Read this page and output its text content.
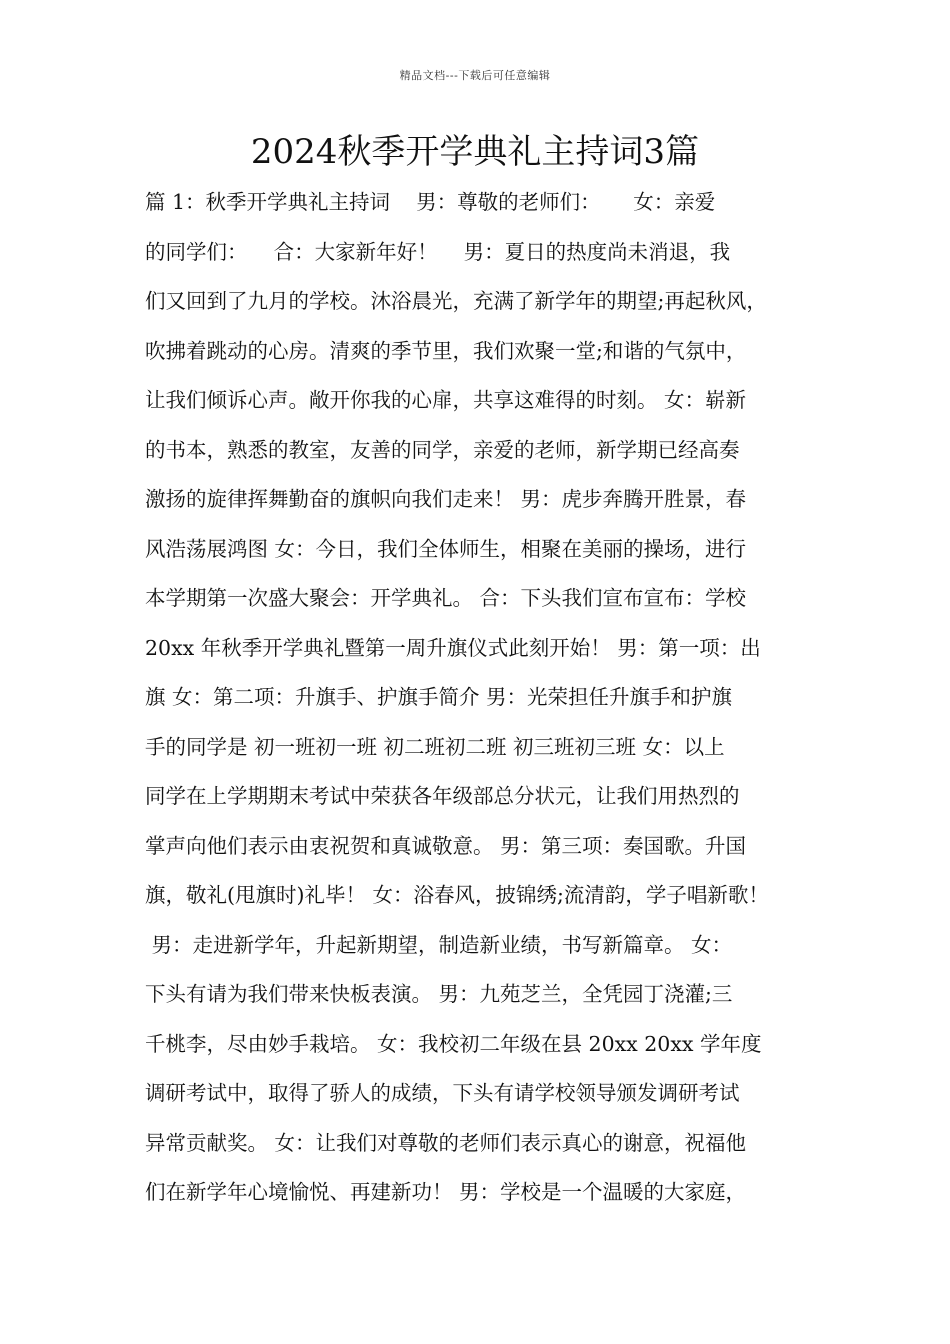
精品文档---下载后可任意编辑
2024秋季开学典礼主持词3篇
篇 1：秋季开学典礼主持词    男：尊敬的老师们：     女：亲爱
的同学们：    合：大家新年好！    男：夏日的热度尚未消退，我
们又回到了九月的学校。沐浴晨光，充满了新学年的期望;再起秋风，
吹拂着跳动的心房。清爽的季节里，我们欢聚一堂;和谐的气氛中，
让我们倾诉心声。敞开你我的心扉，共享这难得的时刻。 女：崭新
的书本，熟悉的教室，友善的同学，亲爱的老师，新学期已经高奏
激扬的旋律挥舞勤奋的旗帜向我们走来！ 男：虎步奔腾开胜景，春
风浩荡展鸿图 女：今日，我们全体师生，相聚在美丽的操场，进行
本学期第一次盛大聚会：开学典礼。 合：下头我们宣布宣布：学校
20xx 年秋季开学典礼暨第一周升旗仪式此刻开始！ 男：第一项：出
旗 女：第二项：升旗手、护旗手简介 男：光荣担任升旗手和护旗
手的同学是 初一班初一班 初二班初二班 初三班初三班 女：以上
同学在上学期期末考试中荣获各年级部总分状元，让我们用热烈的
掌声向他们表示由衷祝贺和真诚敬意。 男：第三项：奏国歌。升国
旗，敬礼(甩旗时)礼毕！ 女：浴春风，披锦绣;流清韵，学子唱新歌！
男：走进新学年，升起新期望，制造新业绩，书写新篇章。 女：
下头有请为我们带来快板表演。 男：九苑芝兰，全凭园丁浇灌;三
千桃李，尽由妙手栽培。 女：我校初二年级在县 20xx 20xx 学年度
调研考试中，取得了骄人的成绩，下头有请学校领导颁发调研考试
异常贡献奖。 女：让我们对尊敬的老师们表示真心的谢意，祝福他
们在新学年心境愉悦、再建新功！ 男：学校是一个温暖的大家庭，
